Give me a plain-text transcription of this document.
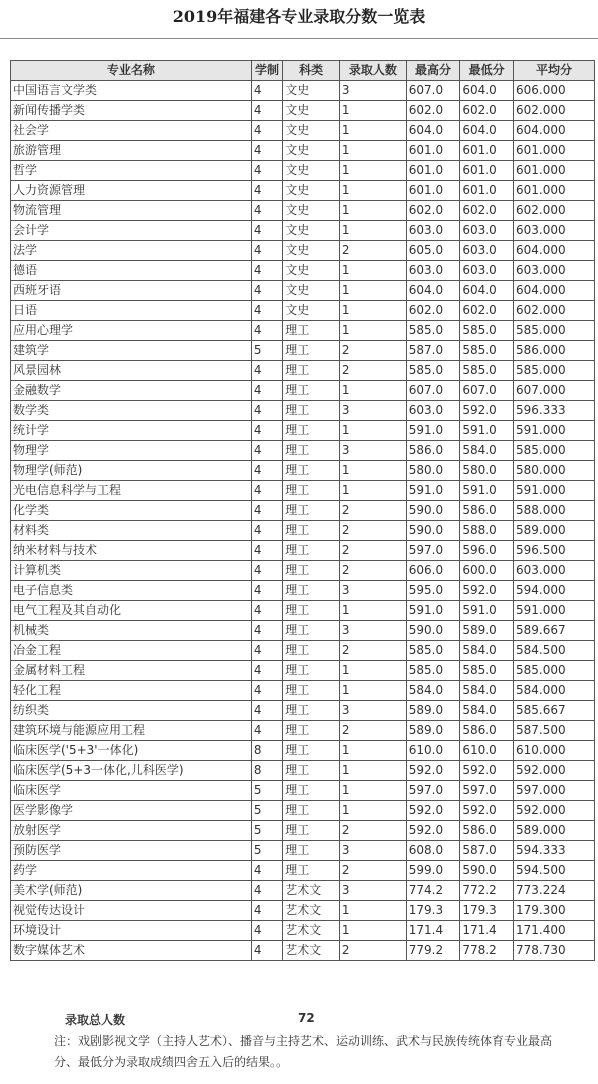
2019年福建各专业录取分数一览表
专业名称	学制	科类	录取人数	最高分	最低分	平均分
中国语言文学类	4	文史	3	607.0	604.0	606.000
新闻传播学类	4	文史	1	602.0	602.0	602.000
社会学	4	文史	1	604.0	604.0	604.000
旅游管理	4	文史	1	601.0	601.0	601.000
哲学	4	文史	1	601.0	601.0	601.000
人力资源管理	4	文史	1	601.0	601.0	601.000
物流管理	4	文史	1	602.0	602.0	602.000
会计学	4	文史	1	603.0	603.0	603.000
法学	4	文史	2	605.0	603.0	604.000
德语	4	文史	1	603.0	603.0	603.000
西班牙语	4	文史	1	604.0	604.0	604.000
日语	4	文史	1	602.0	602.0	602.000
应用心理学	4	理工	1	585.0	585.0	585.000
建筑学	5	理工	2	587.0	585.0	586.000
风景园林	4	理工	2	585.0	585.0	585.000
金融数学	4	理工	1	607.0	607.0	607.000
数学类	4	理工	3	603.0	592.0	596.333
统计学	4	理工	1	591.0	591.0	591.000
物理学	4	理工	3	586.0	584.0	585.000
物理学(师范)	4	理工	1	580.0	580.0	580.000
光电信息科学与工程	4	理工	1	591.0	591.0	591.000
化学类	4	理工	2	590.0	586.0	588.000
材料类	4	理工	2	590.0	588.0	589.000
纳米材料与技术	4	理工	2	597.0	596.0	596.500
计算机类	4	理工	2	606.0	600.0	603.000
电子信息类	4	理工	3	595.0	592.0	594.000
电气工程及其自动化	4	理工	1	591.0	591.0	591.000
机械类	4	理工	3	590.0	589.0	589.667
冶金工程	4	理工	2	585.0	584.0	584.500
金属材料工程	4	理工	1	585.0	585.0	585.000
轻化工程	4	理工	1	584.0	584.0	584.000
纺织类	4	理工	3	589.0	584.0	585.667
建筑环境与能源应用工程	4	理工	2	589.0	586.0	587.500
临床医学('5+3'一体化)	8	理工	1	610.0	610.0	610.000
临床医学(5+3一体化,儿科医学)	8	理工	1	592.0	592.0	592.000
临床医学	5	理工	1	597.0	597.0	597.000
医学影像学	5	理工	1	592.0	592.0	592.000
放射医学	5	理工	2	592.0	586.0	589.000
预防医学	5	理工	3	608.0	587.0	594.333
药学	4	理工	2	599.0	590.0	594.500
美术学(师范)	4	艺术文	3	774.2	772.2	773.224
视觉传达设计	4	艺术文	1	179.3	179.3	179.300
环境设计	4	艺术文	1	171.4	171.4	171.400
数字媒体艺术	4	艺术文	2	779.2	778.2	778.730
录取总人数	72
注：戏剧影视文学（主持人艺术）、播音与主持艺术、运动训练、武术与民族传统体育专业最高分、最低分为录取成绩四舍五入后的结果。。
